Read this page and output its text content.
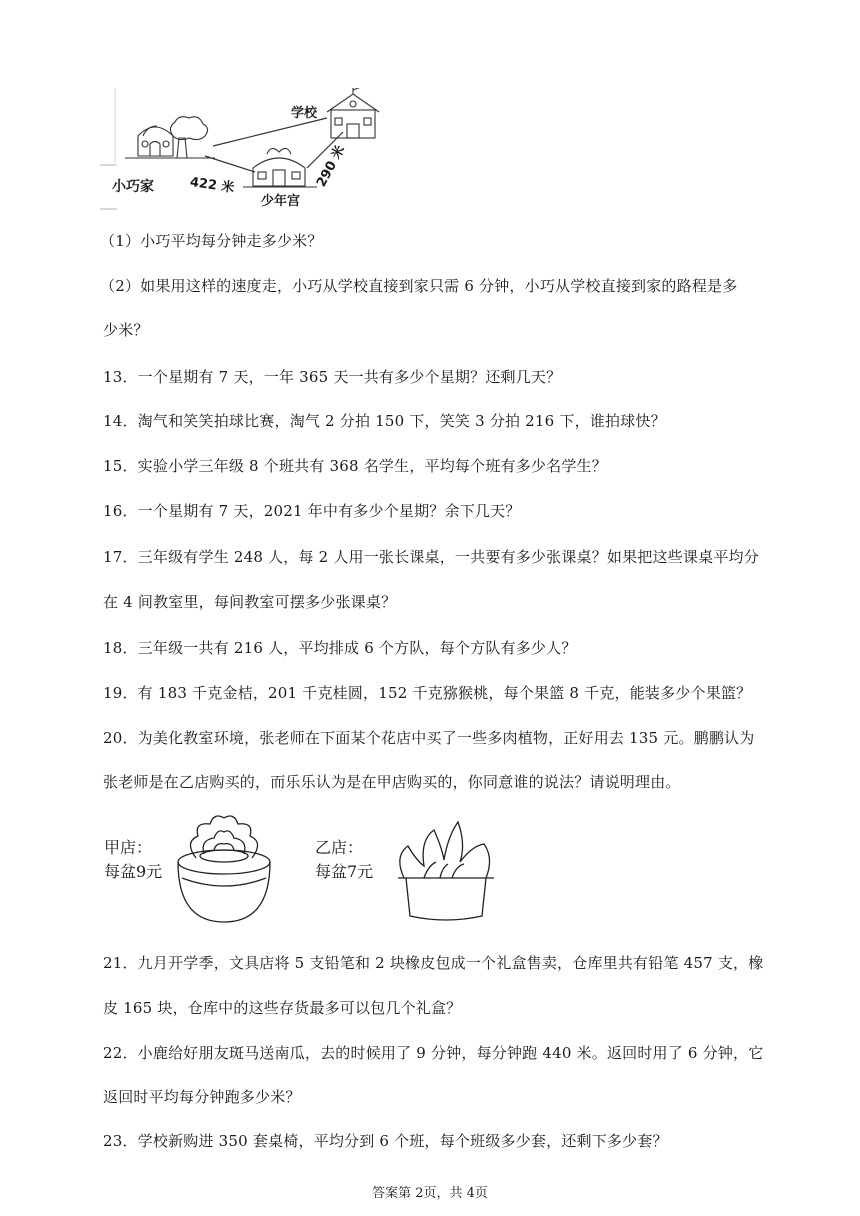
学校
小巧家	422 米	290 米
少年宫
（1）小巧平均每分钟走多少米？
（2）如果用这样的速度走，小巧从学校直接到家只需 6 分钟，小巧从学校直接到家的路程是多
少米？
13．一个星期有 7 天，一年 365 天一共有多少个星期？还剩几天？
14．淘气和笑笑拍球比赛，淘气 2 分拍 150 下，笑笑 3 分拍 216 下，谁拍球快？
15．实验小学三年级 8 个班共有 368 名学生，平均每个班有多少名学生？
16．一个星期有 7 天，2021 年中有多少个星期？余下几天？
17．三年级有学生 248 人，每 2 人用一张长课桌，一共要有多少张课桌？如果把这些课桌平均分
在 4 间教室里，每间教室可摆多少张课桌？
18．三年级一共有 216 人，平均排成 6 个方队，每个方队有多少人？
19．有 183 千克金桔，201 千克桂圆，152 千克猕猴桃，每个果篮 8 千克，能装多少个果篮？
20．为美化教室环境，张老师在下面某个花店中买了一些多肉植物，正好用去 135 元。鹏鹏认为
张老师是在乙店购买的，而乐乐认为是在甲店购买的，你同意谁的说法？请说明理由。
甲店：
每盆9元
乙店：
每盆7元
21．九月开学季，文具店将 5 支铅笔和 2 块橡皮包成一个礼盒售卖，仓库里共有铅笔 457 支，橡
皮 165 块，仓库中的这些存货最多可以包几个礼盒？
22．小鹿给好朋友斑马送南瓜，去的时候用了 9 分钟，每分钟跑 440 米。返回时用了 6 分钟，它
返回时平均每分钟跑多少米？
23．学校新购进 350 套桌椅，平均分到 6 个班，每个班级多少套，还剩下多少套？
答案第 2页，共 4页
